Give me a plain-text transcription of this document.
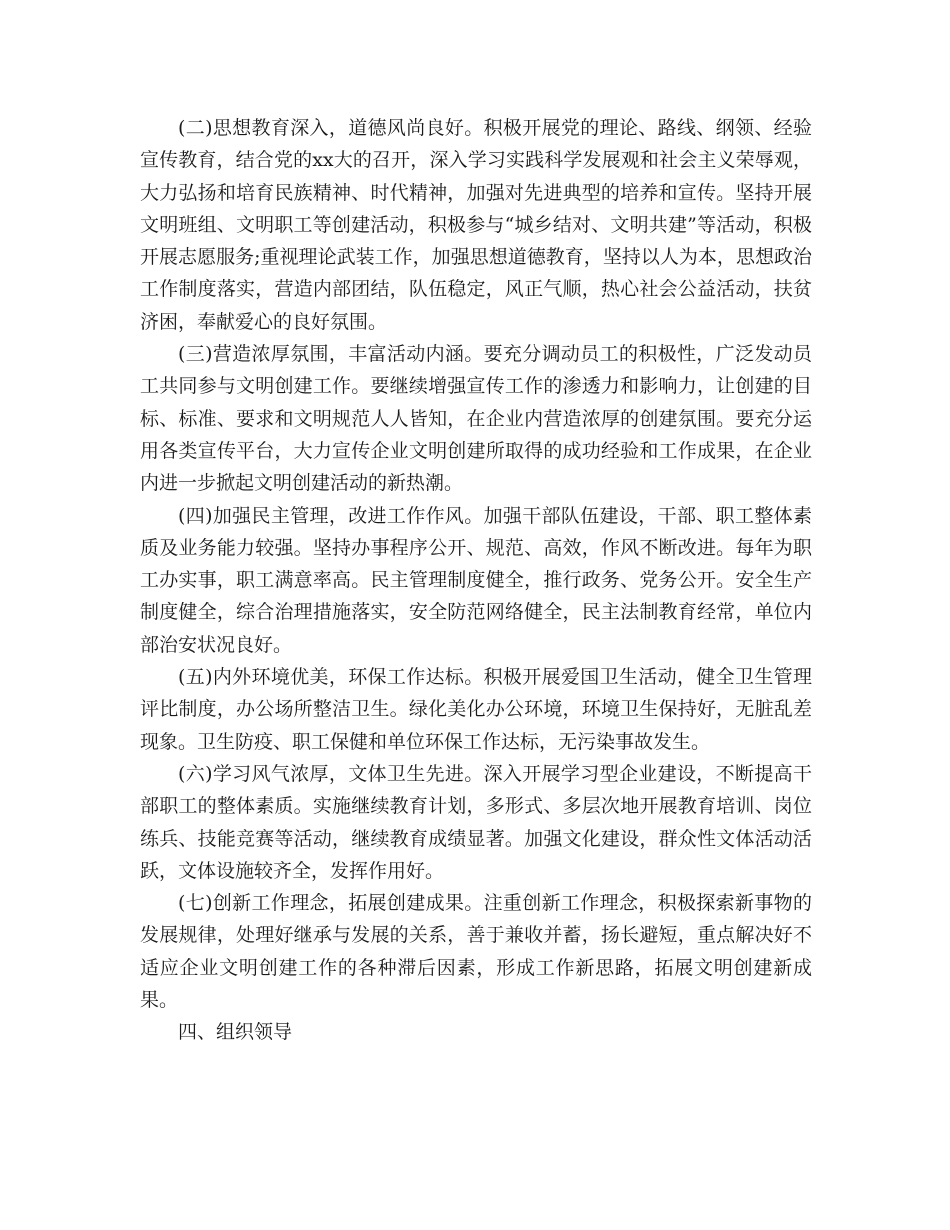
(二)思想教育深入，道德风尚良好。积极开展党的理论、路线、纲领、经验宣传教育，结合党的xx大的召开，深入学习实践科学发展观和社会主义荣辱观，大力弘扬和培育民族精神、时代精神，加强对先进典型的培养和宣传。坚持开展文明班组、文明职工等创建活动，积极参与“城乡结对、文明共建”等活动，积极开展志愿服务;重视理论武装工作，加强思想道德教育，坚持以人为本，思想政治工作制度落实，营造内部团结，队伍稳定，风正气顺，热心社会公益活动，扶贫济困，奉献爱心的良好氛围。

(三)营造浓厚氛围，丰富活动内涵。要充分调动员工的积极性，广泛发动员工共同参与文明创建工作。要继续增强宣传工作的渗透力和影响力，让创建的目标、标准、要求和文明规范人人皆知，在企业内营造浓厚的创建氛围。要充分运用各类宣传平台，大力宣传企业文明创建所取得的成功经验和工作成果，在企业内进一步掀起文明创建活动的新热潮。

(四)加强民主管理，改进工作作风。加强干部队伍建设，干部、职工整体素质及业务能力较强。坚持办事程序公开、规范、高效，作风不断改进。每年为职工办实事，职工满意率高。民主管理制度健全，推行政务、党务公开。安全生产制度健全，综合治理措施落实，安全防范网络健全，民主法制教育经常，单位内部治安状况良好。

(五)内外环境优美，环保工作达标。积极开展爱国卫生活动，健全卫生管理评比制度，办公场所整洁卫生。绿化美化办公环境，环境卫生保持好，无脏乱差现象。卫生防疫、职工保健和单位环保工作达标，无污染事故发生。

(六)学习风气浓厚，文体卫生先进。深入开展学习型企业建设，不断提高干部职工的整体素质。实施继续教育计划，多形式、多层次地开展教育培训、岗位练兵、技能竞赛等活动，继续教育成绩显著。加强文化建设，群众性文体活动活跃，文体设施较齐全，发挥作用好。

(七)创新工作理念，拓展创建成果。注重创新工作理念，积极探索新事物的发展规律，处理好继承与发展的关系，善于兼收并蓄，扬长避短，重点解决好不适应企业文明创建工作的各种滞后因素，形成工作新思路，拓展文明创建新成果。

四、组织领导
